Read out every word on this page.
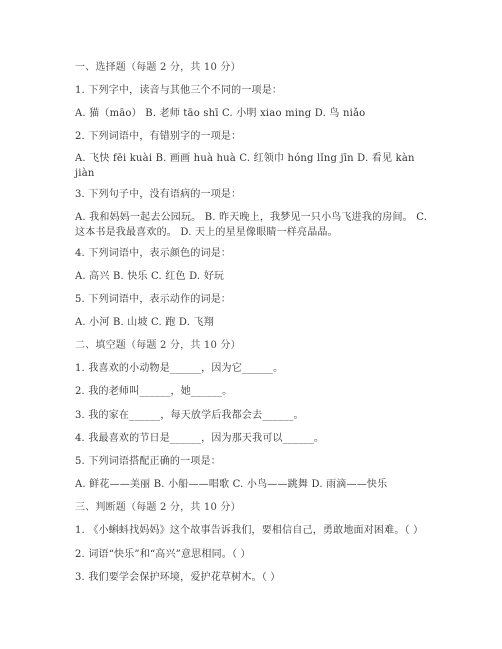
一、选择题（每题 2 分，共 10 分）
1. 下列字中，读音与其他三个不同的一项是：
A. 猫（māo） B. 老师 tāo shī C. 小明 xiao ming D. 鸟 niǎo
2. 下列词语中，有错别字的一项是：
A. 飞快 fēi kuài B. 画画 huà huà C. 红领巾 hóng lǐng jīn D. 看见 kàn jiàn
3. 下列句子中，没有语病的一项是：
A. 我和妈妈一起去公园玩。 B. 昨天晚上，我梦见一只小鸟飞进我的房间。 C. 这本书是我最喜欢的。 D. 天上的星星像眼睛一样亮晶晶。
4. 下列词语中，表示颜色的词是：
A. 高兴 B. 快乐 C. 红色 D. 好玩
5. 下列词语中，表示动作的词是：
A. 小河 B. 山坡 C. 跑 D. 飞翔
二、填空题（每题 2 分，共 10 分）
1. 我喜欢的小动物是______，因为它______。
2. 我的老师叫______，她______。
3. 我的家在______，每天放学后我都会去______。
4. 我最喜欢的节日是______，因为那天我可以______。
5. 下列词语搭配正确的一项是：
A. 鲜花——美丽 B. 小船——唱歌 C. 小鸟——跳舞 D. 雨滴——快乐
三、判断题（每题 2 分，共 10 分）
1. 《小蝌蚪找妈妈》这个故事告诉我们，要相信自己，勇敢地面对困难。（ ）
2. 词语“快乐”和“高兴”意思相同。（ ）
3. 我们要学会保护环境，爱护花草树木。（ ）
